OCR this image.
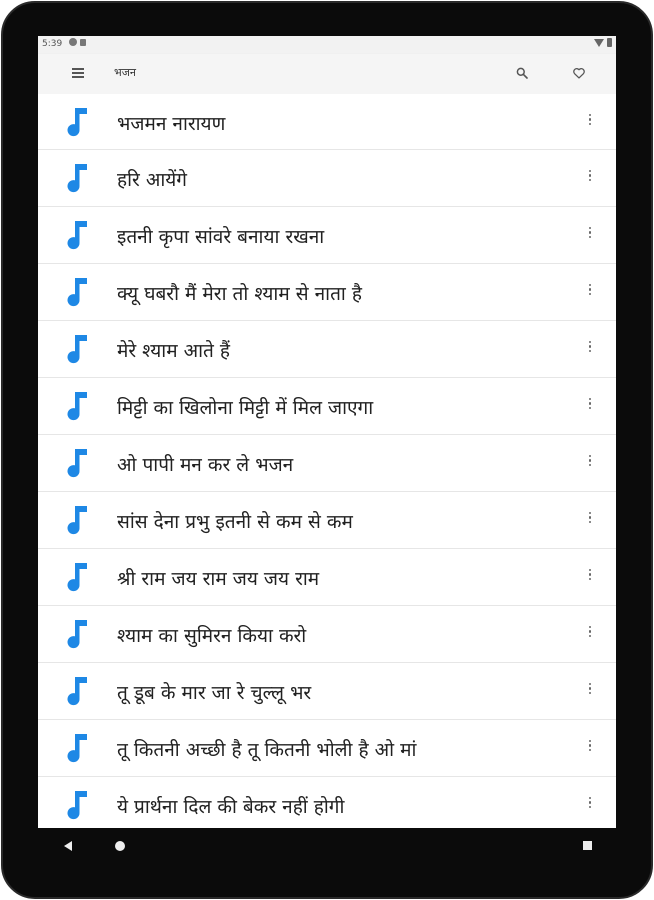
5:39
भजन
भजमन नारायण
हरि आयेंगे
इतनी कृपा सांवरे बनाया रखना
क्यू घबरौ मैं मेरा तो श्याम से नाता है
मेरे श्याम आते हैं
मिट्टी का खिलोना मिट्टी में मिल जाएगा
ओ पापी मन कर ले भजन
सांस देना प्रभु इतनी से कम से कम
श्री राम जय राम जय जय राम
श्याम का सुमिरन किया करो
तू डूब के मार जा रे चुल्लू भर
तू कितनी अच्छी है तू कितनी भोली है ओ मां
ये प्रार्थना दिल की बेकर नहीं होगी
